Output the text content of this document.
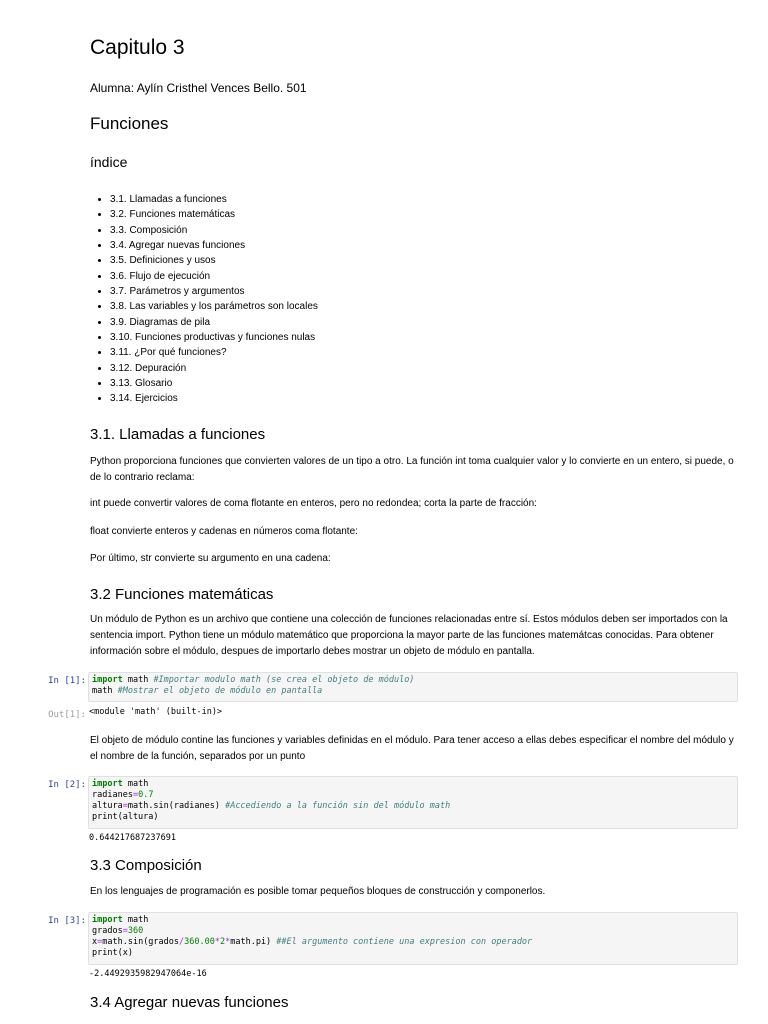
Capitulo 3
Alumna: Aylín Cristhel Vences Bello. 501
Funciones
índice
• 3.1. Llamadas a funciones
• 3.2. Funciones matemáticas
• 3.3. Composición
• 3.4. Agregar nuevas funciones
• 3.5. Definiciones y usos
• 3.6. Flujo de ejecución
• 3.7. Parámetros y argumentos
• 3.8. Las variables y los parámetros son locales
• 3.9. Diagramas de pila
• 3.10. Funciones productivas y funciones nulas
• 3.11. ¿Por qué funciones?
• 3.12. Depuración
• 3.13. Glosario
• 3.14. Ejercicios
3.1. Llamadas a funciones

Python proporciona funciones que convierten valores de un tipo a otro. La función int toma cualquier valor y lo convierte en un entero, si puede, o de lo contrario reclama:

int puede convertir valores de coma flotante en enteros, pero no redondea; corta la parte de fracción:

float convierte enteros y cadenas en números coma flotante:

Por último, str convierte su argumento en una cadena:

3.2 Funciones matemáticas

Un módulo de Python es un archivo que contiene una colección de funciones relacionadas entre sí. Estos módulos deben ser importados con la sentencia import. Python tiene un módulo matemático que proporciona la mayor parte de las funciones matemátcas conocidas. Para obtener información sobre el módulo, despues de importarlo debes mostrar un objeto de módulo en pantalla.

In [1]: import math #Importar modulo math (se crea el objeto de módulo)
math #Mostrar el objeto de módulo en pantalla
Out[1]: <module 'math' (built-in)>

El objeto de módulo contine las funciones y variables definidas en el módulo. Para tener acceso a ellas debes especificar el nombre del módulo y el nombre de la función, separados por un punto

In [2]: import math
radianes=0.7
altura=math.sin(radianes) #Accediendo a la función sin del módulo math
print(altura)
0.644217687237691
3.3 Composición

En los lenguajes de programación es posible tomar pequeños bloques de construcción y componerlos.

In [3]: import math
grados=360
x=math.sin(grados/360.00*2*math.pi) ##El argumento contiene una expresion con operador
print(x)
-2.4492935982947064e-16
3.4 Agregar nuevas funciones
